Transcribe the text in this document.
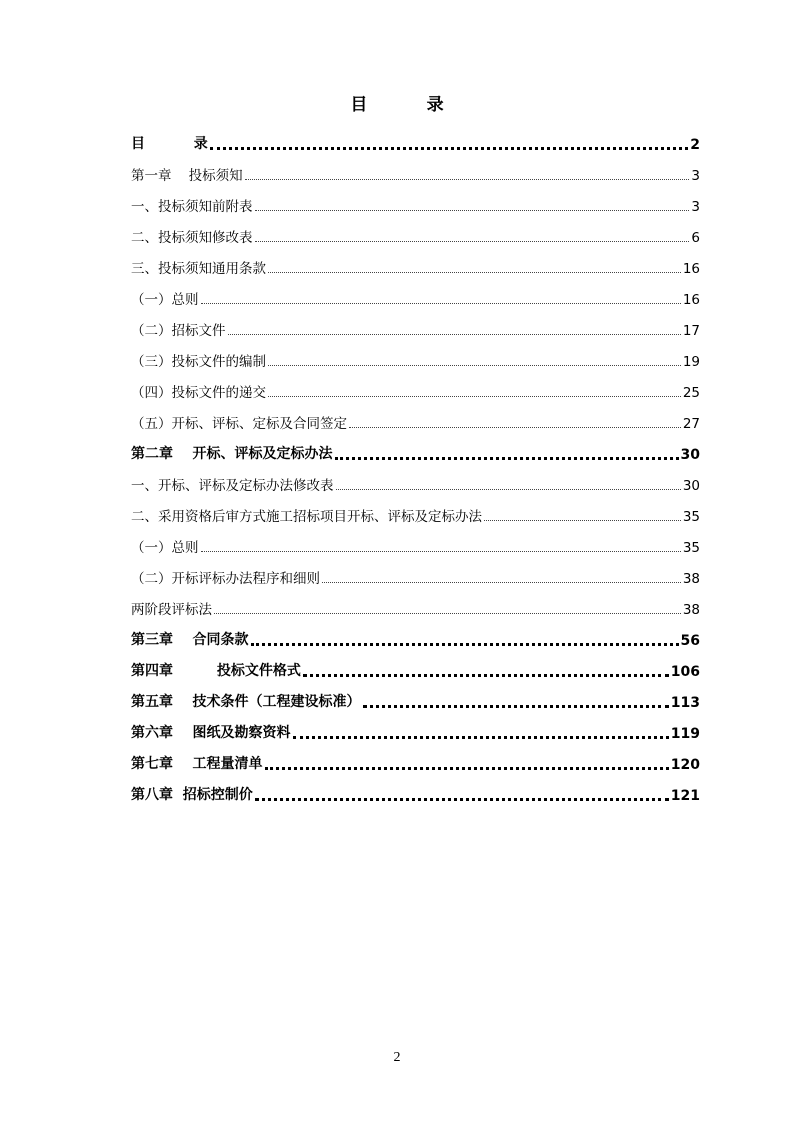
目          录
目          录	2
第一章    投标须知	3
一、投标须知前附表	3
二、投标须知修改表	6
三、投标须知通用条款	16
（一）总则	16
（二）招标文件	17
（三）投标文件的编制	19
（四）投标文件的递交	25
（五）开标、评标、定标及合同签定	27
第二章    开标、评标及定标办法	30
一、开标、评标及定标办法修改表	30
二、采用资格后审方式施工招标项目开标、评标及定标办法	35
（一）总则	35
（二）开标评标办法程序和细则	38
两阶段评标法	38
第三章    合同条款	56
第四章         投标文件格式	106
第五章    技术条件（工程建设标准）	113
第六章    图纸及勘察资料	119
第七章    工程量清单	120
第八章  招标控制价	121
2
